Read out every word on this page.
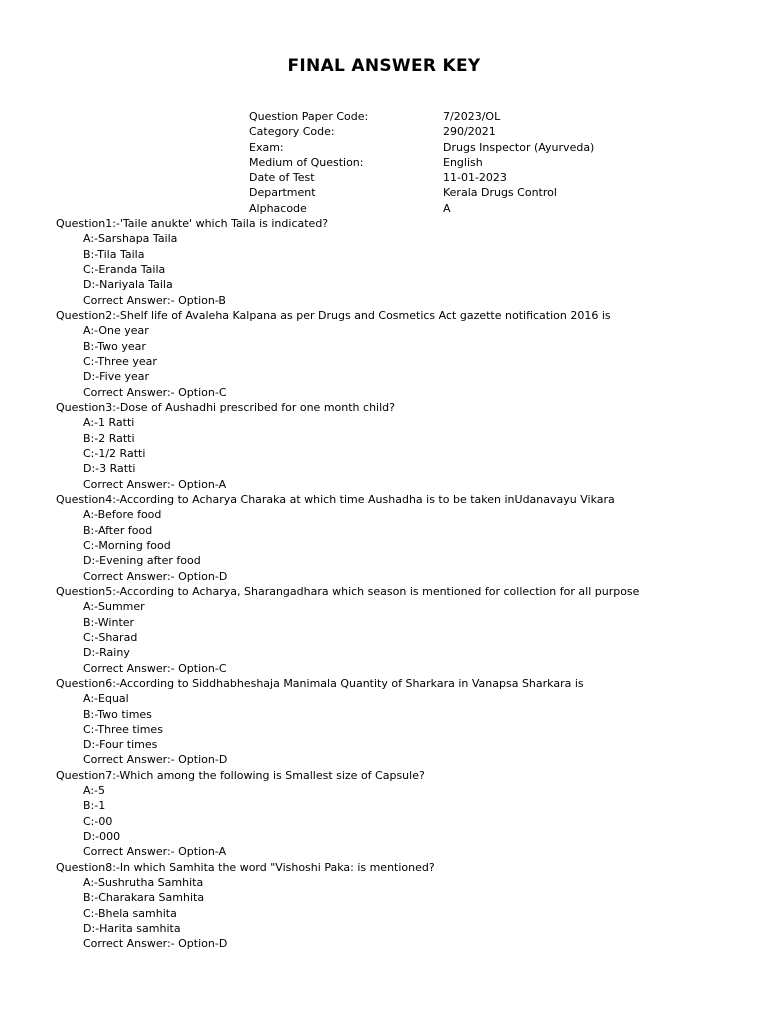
FINAL ANSWER KEY
Question Paper Code:	7/2023/OL
Category Code:	290/2021
Exam:	Drugs Inspector (Ayurveda)
Medium of Question:	English
Date of Test	11-01-2023
Department	Kerala Drugs Control
Alphacode	A
Question1:-'Taile anukte' which Taila is indicated?
A:-Sarshapa Taila
B:-Tila Taila
C:-Eranda Taila
D:-Nariyala Taila
Correct Answer:- Option-B
Question2:-Shelf life of Avaleha Kalpana as per Drugs and Cosmetics Act gazette notification 2016 is
A:-One year
B:-Two year
C:-Three year
D:-Five year
Correct Answer:- Option-C
Question3:-Dose of Aushadhi prescribed for one month child?
A:-1 Ratti
B:-2 Ratti
C:-1/2 Ratti
D:-3 Ratti
Correct Answer:- Option-A
Question4:-According to Acharya Charaka at which time Aushadha is to be taken inUdanavayu Vikara
A:-Before food
B:-After food
C:-Morning food
D:-Evening after food
Correct Answer:- Option-D
Question5:-According to Acharya, Sharangadhara which season is mentioned for collection for all purpose
A:-Summer
B:-Winter
C:-Sharad
D:-Rainy
Correct Answer:- Option-C
Question6:-According to Siddhabheshaja Manimala Quantity of Sharkara in Vanapsa Sharkara is
A:-Equal
B:-Two times
C:-Three times
D:-Four times
Correct Answer:- Option-D
Question7:-Which among the following is Smallest size of Capsule?
A:-5
B:-1
C:-00
D:-000
Correct Answer:- Option-A
Question8:-In which Samhita the word "Vishoshi Paka: is mentioned?
A:-Sushrutha Samhita
B:-Charakara Samhita
C:-Bhela samhita
D:-Harita samhita
Correct Answer:- Option-D
